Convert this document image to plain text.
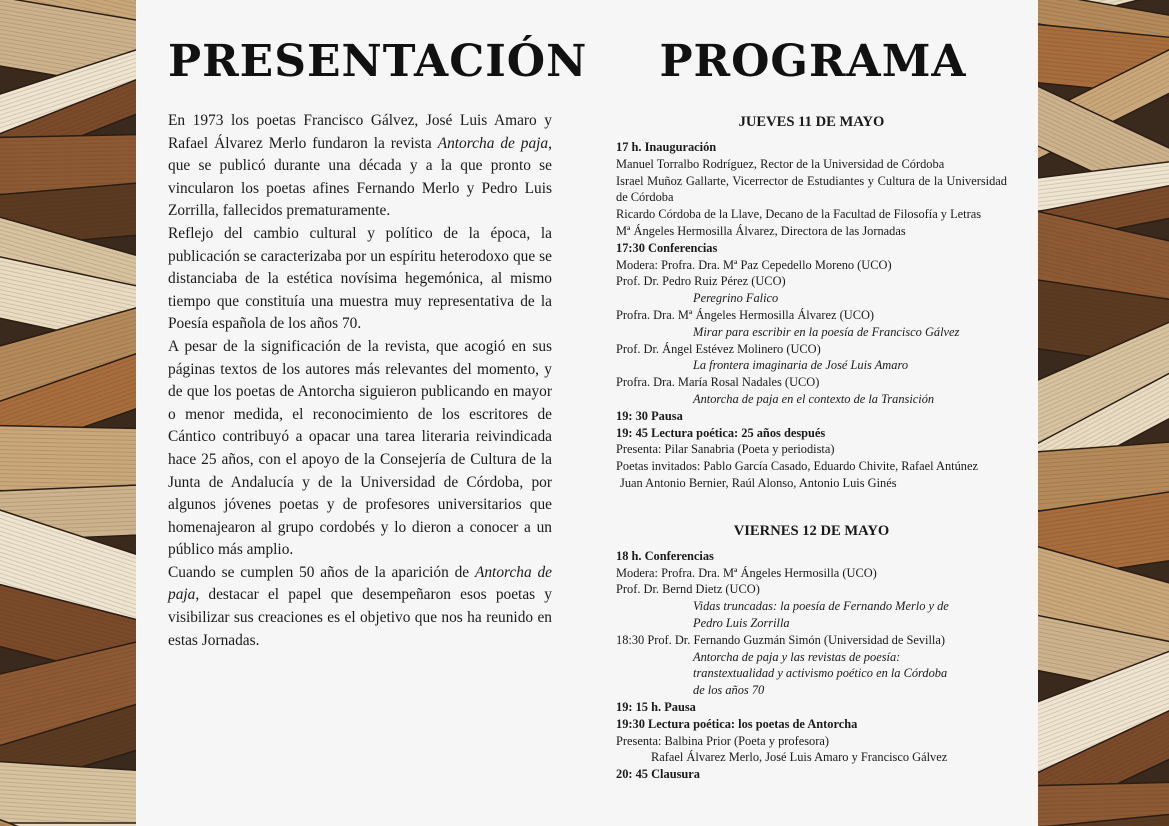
PRESENTACIÓN PROGRAMA

En 1973 los poetas Francisco Gálvez, José Luis Amaro y Rafael Álvarez Merlo fundaron la revista Antorcha de paja, que se publicó durante una década y a la que pronto se vincularon los poetas afines Fernando Merlo y Pedro Luis Zorrilla, fallecidos prematuramente.

Reflejo del cambio cultural y político de la época, la publicación se caracterizaba por un espíritu heterodoxo que se distanciaba de la estética novísima hegemónica, al mismo tiempo que constituía una muestra muy representativa de la Poesía española de los años 70.

A pesar de la significación de la revista, que acogió en sus páginas textos de los autores más relevantes del momento, y de que los poetas de Antorcha siguieron publicando en mayor o menor medida, el reconocimiento de los escritores de Cántico contribuyó a opacar una tarea literaria reivindicada hace 25 años, con el apoyo de la Consejería de Cultura de la Junta de Andalucía y de la Universidad de Córdoba, por algunos jóvenes poetas y de profesores universitarios que homenajearon al grupo cordobés y lo dieron a conocer a un público más amplio.

Cuando se cumplen 50 años de la aparición de Antorcha de paja, destacar el papel que desempeñaron esos poetas y visibilizar sus creaciones es el objetivo que nos ha reunido en estas Jornadas.

JUEVES 11 DE MAYO
17 h. Inauguración
Manuel Torralbo Rodríguez, Rector de la Universidad de Córdoba
Israel Muñoz Gallarte, Vicerrector de Estudiantes y Cultura de la Universidad de Córdoba
Ricardo Córdoba de la Llave, Decano de la Facultad de Filosofía y Letras
Mª Ángeles Hermosilla Álvarez, Directora de las Jornadas
17:30 Conferencias
Modera: Profra. Dra. Mª Paz Cepedello Moreno (UCO)
Prof. Dr. Pedro Ruiz Pérez (UCO)
Peregrino Falico
Profra. Dra. Mª Ángeles Hermosilla Álvarez (UCO)
Mirar para escribir en la poesía de Francisco Gálvez
Prof. Dr. Ángel Estévez Molinero (UCO)
La frontera imaginaria de José Luis Amaro
Profra. Dra. María Rosal Nadales (UCO)
Antorcha de paja en el contexto de la Transición
19: 30 Pausa
19: 45 Lectura poética: 25 años después
Presenta: Pilar Sanabria (Poeta y periodista)
Poetas invitados: Pablo García Casado, Eduardo Chivite, Rafael Antúnez
Juan Antonio Bernier, Raúl Alonso, Antonio Luis Ginés
VIERNES 12 DE MAYO
18 h. Conferencias
Modera: Profra. Dra. Mª Ángeles Hermosilla (UCO)
Prof. Dr. Bernd Dietz (UCO)
Vidas truncadas: la poesía de Fernando Merlo y de
Pedro Luis Zorrilla
18:30 Prof. Dr. Fernando Guzmán Simón (Universidad de Sevilla)
Antorcha de paja y las revistas de poesía:
transtextualidad y activismo poético en la Córdoba
de los años 70
19: 15 h. Pausa
19:30 Lectura poética: los poetas de Antorcha
Presenta: Balbina Prior (Poeta y profesora)
Rafael Álvarez Merlo, José Luis Amaro y Francisco Gálvez
20: 45 Clausura
